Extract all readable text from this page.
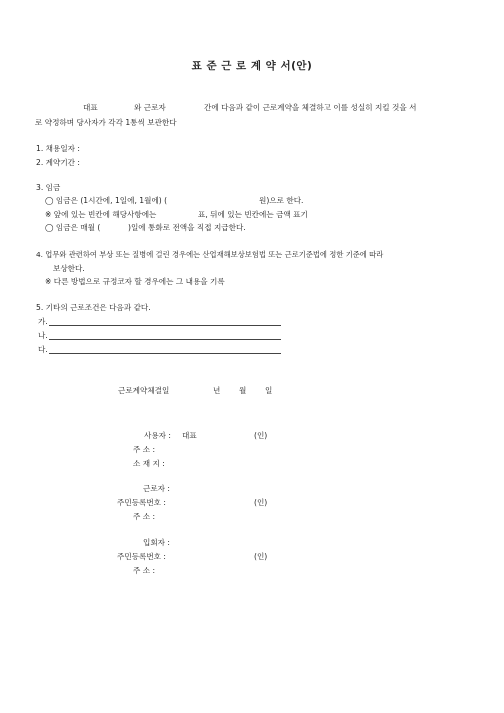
표 준 근 로 계 약 서(안)
대표	와 근로자	간에 다음과 같이 근로계약을 체결하고 이를 성실히 지킬 것을 서
로 약정하며 당사자가 각각 1통씩 보관한다
1. 채용일자 :
2. 계약기간 :
3. 임금
◯ 임금은 (1시간에, 1일에, 1월에) (	원)으로 한다.
※ 앞에 있는 빈칸에 해당사항에는	표, 뒤에 있는 빈칸에는 금액 표기
◯ 임금은 매월 (	)일에 통화로 전액을 직접 지급한다.
4. 업무와 관련하여 부상 또는 질병에 걸린 경우에는 산업재해보상보험법 또는 근로기준법에 정한 기준에 따라
보상한다.
※ 다른 방법으로 규정코자 할 경우에는 그 내용을 기록
5. 기타의 근로조건은 다음과 같다.
가.
나.
다.
근로계약체결일	년 월 일
사용자 : 대표	(인)
주 소 :
소 재 지 :
근로자 :
주민등록번호 :	(인)
주 소 :
입회자 :
주민등록번호 :	(인)
주 소 :
